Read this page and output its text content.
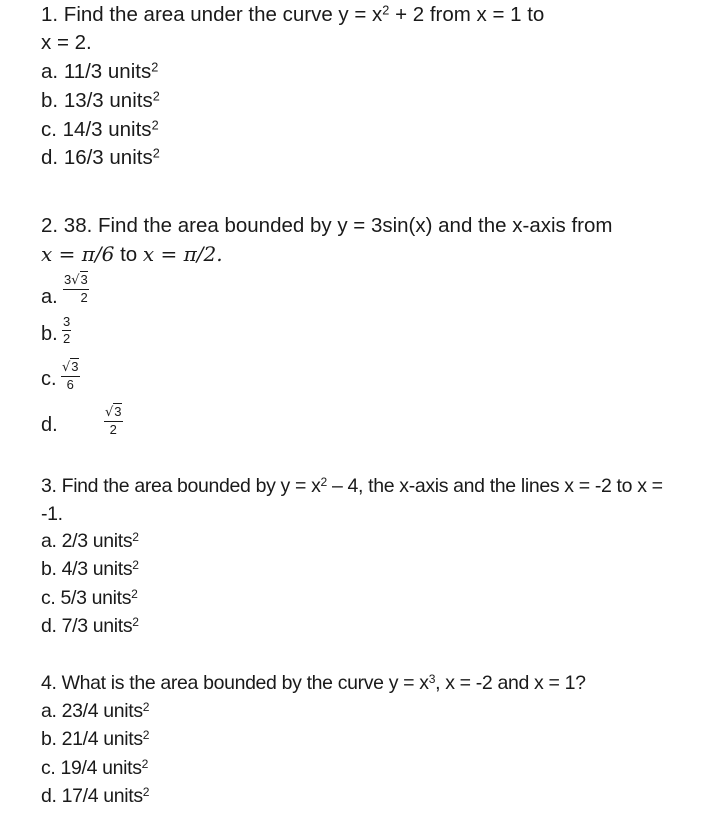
1. Find the area under the curve $y = x^2 + 2$ from x = 1 to
x = 2.
a. 11/3 units$^2$
b. 13/3 units$^2$
c. 14/3 units$^2$
d. 16/3 units$^2$
2. 38. Find the area bounded by y = 3sin(x) and the x-axis from
x = π/6 to x = π/2.
a.
3√3
2
b.
3
2
c.
√3
6
d.
√3
2
3. Find the area bounded by $y = x^2 - 4$, the x-axis and the lines x = -2 to x =
-1.
a. 2/3 units$^2$
b. 4/3 units$^2$
c. 5/3 units$^2$
d. 7/3 units$^2$
4. What is the area bounded by the curve $y = x^3$, x = -2 and x = 1?
a. 23/4 units$^2$
b. 21/4 units$^2$
c. 19/4 units$^2$
d. 17/4 units$^2$
